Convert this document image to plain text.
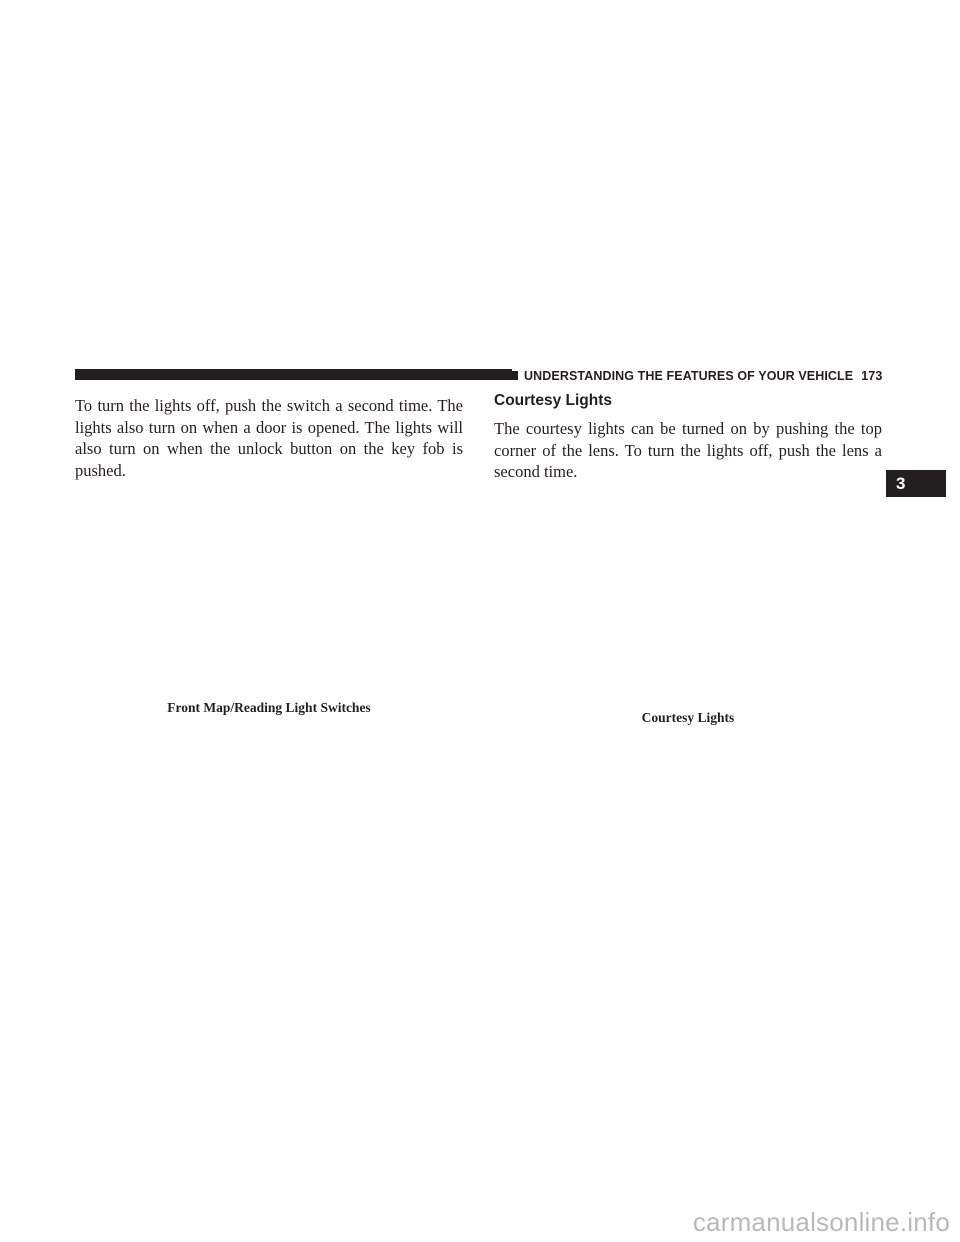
UNDERSTANDING THE FEATURES OF YOUR VEHICLE 173

To turn the lights off, push the switch a second time. The lights also turn on when a door is opened. The lights will also turn on when the unlock button on the key fob is pushed.

Courtesy Lights

The courtesy lights can be turned on by pushing the top corner of the lens. To turn the lights off, push the lens a second time.

Front Map/Reading Light Switches

Courtesy Lights

3
carmanualsonline.info
